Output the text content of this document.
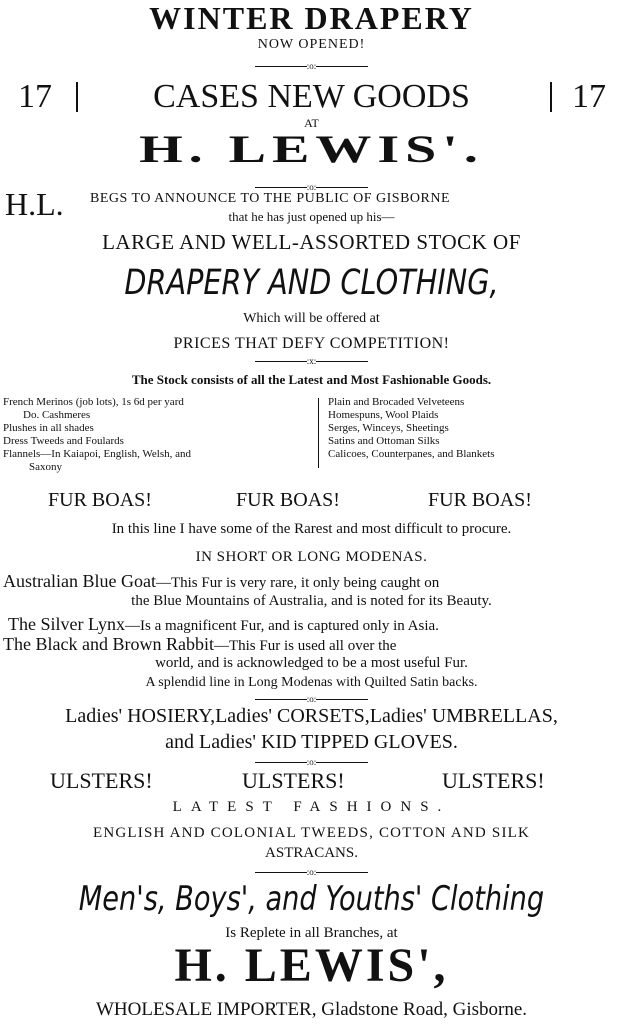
WINTER DRAPERY
NOW OPENED!
:o:
17	CASES NEW GOODS	17
AT
H. LEWIS'.
:o:
H.L. BEGS TO ANNOUNCE TO THE PUBLIC OF GISBORNE
that he has just opened up his—
LARGE AND WELL-ASSORTED STOCK OF
DRAPERY AND CLOTHING,
Which will be offered at
PRICES THAT DEFY COMPETITION!
:x:
The Stock consists of all the Latest and Most Fashionable Goods.
French Merinos (job lots), 1s 6d per yard
Do. Cashmeres
Plushes in all shades
Dress Tweeds and Foulards
Flannels—In Kaiapoi, English, Welsh, and
Saxony
Plain and Brocaded Velveteens
Homespuns, Wool Plaids
Serges, Winceys, Sheetings
Satins and Ottoman Silks
Calicoes, Counterpanes, and Blankets
FUR BOAS!	FUR BOAS!	FUR BOAS!
In this line I have some of the Rarest and most difficult to procure.
IN SHORT OR LONG MODENAS.
Australian Blue Goat—This Fur is very rare, it only being caught on
the Blue Mountains of Australia, and is noted for its Beauty.
The Silver Lynx—Is a magnificent Fur, and is captured only in Asia.
The Black and Brown Rabbit—This Fur is used all over the
world, and is acknowledged to be a most useful Fur.
A splendid line in Long Modenas with Quilted Satin backs.
:o:
Ladies' HOSIERY,Ladies' CORSETS,Ladies' UMBRELLAS,
and Ladies' KID TIPPED GLOVES.
:o:
ULSTERS!	ULSTERS!	ULSTERS!
LATEST FASHIONS.
ENGLISH AND COLONIAL TWEEDS, COTTON AND SILK
ASTRACANS.
:o:
Men's, Boys', and Youths' Clothing
Is Replete in all Branches, at
H. LEWIS',
WHOLESALE IMPORTER, Gladstone Road, Gisborne.
